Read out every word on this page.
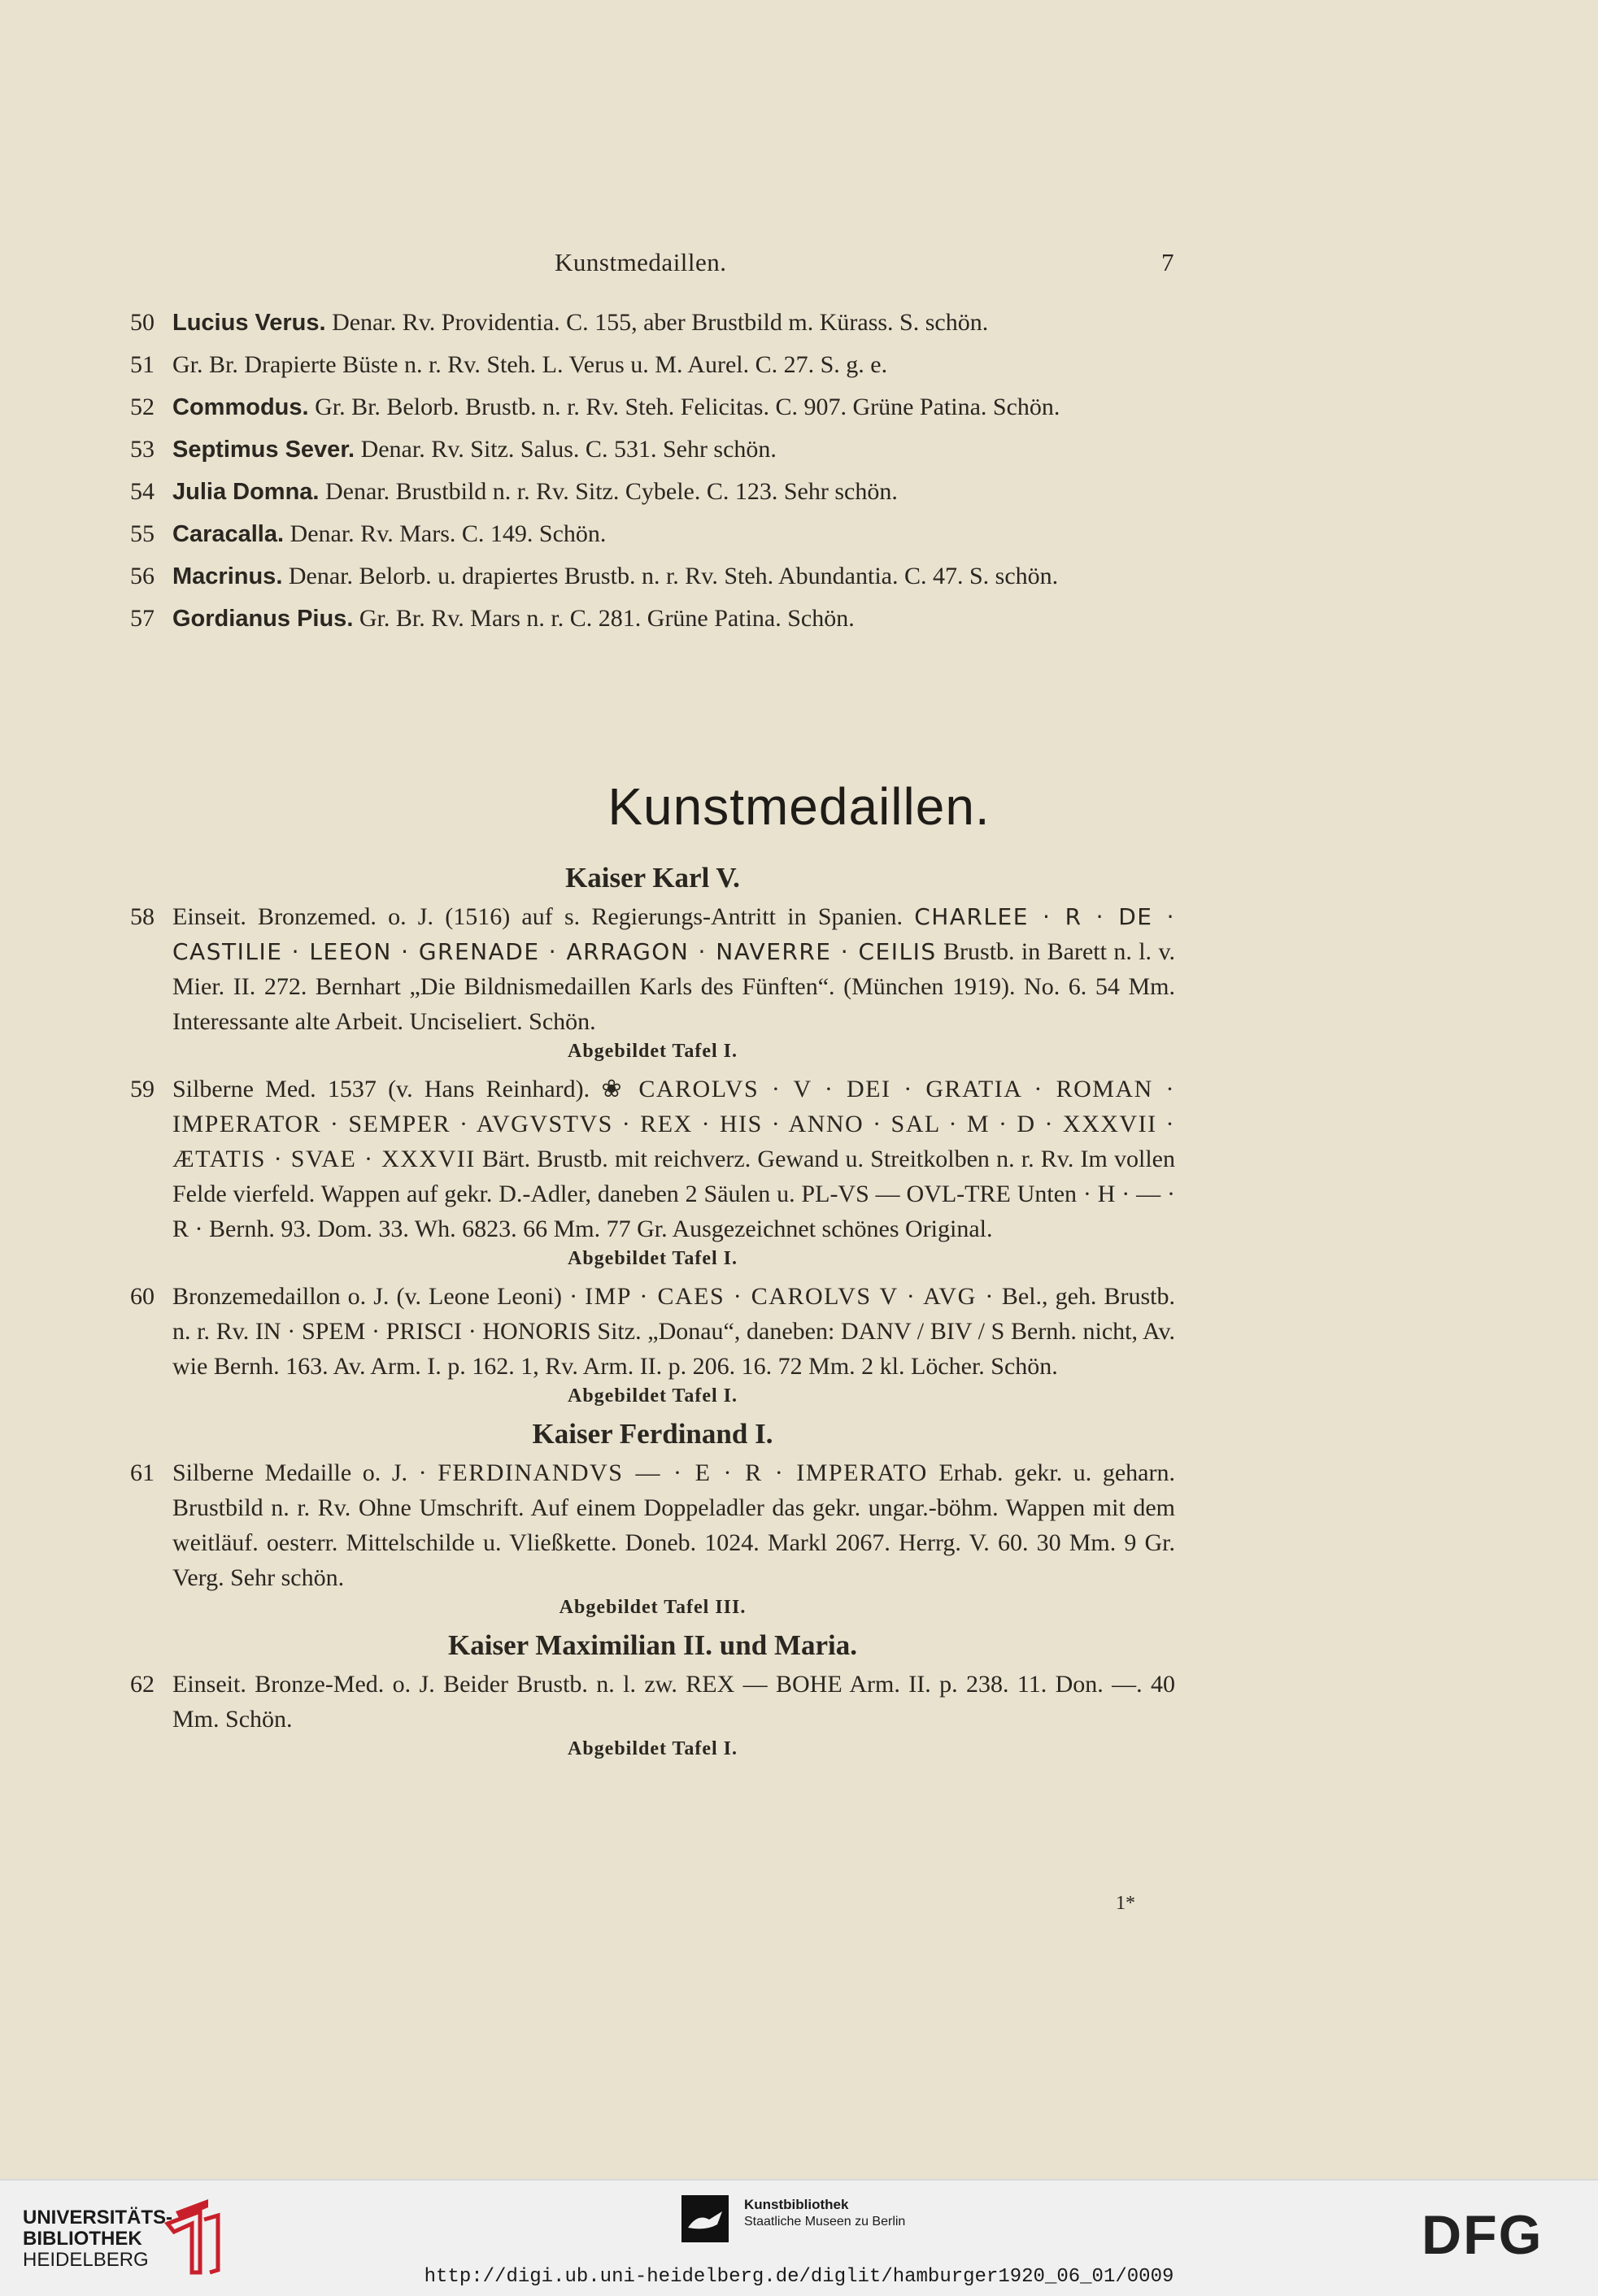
Kunstmedaillen.	7
50 Lucius Verus. Denar. Rv. Providentia. C. 155, aber Brustbild m. Kürass. S. schön.
51 Gr. Br. Drapierte Büste n. r. Rv. Steh. L. Verus u. M. Aurel. C. 27. S. g. e.
52 Commodus. Gr. Br. Belorb. Brustb. n. r. Rv. Steh. Felicitas. C. 907. Grüne Patina. Schön.
53 Septimus Sever. Denar. Rv. Sitz. Salus. C. 531. Sehr schön.
54 Julia Domna. Denar. Brustbild n. r. Rv. Sitz. Cybele. C. 123. Sehr schön.
55 Caracalla. Denar. Rv. Mars. C. 149. Schön.
56 Macrinus. Denar. Belorb. u. drapiertes Brustb. n. r. Rv. Steh. Abundantia. C. 47. S. schön.
57 Gordianus Pius. Gr. Br. Rv. Mars n. r. C. 281. Grüne Patina. Schön.
Kunstmedaillen.
Kaiser Karl V.
58 Einseit. Bronzemed. o. J. (1516) auf s. Regierungs-Antritt in Spanien. CHARLEE · R · DE · CASTILIE · LEEON · GRENADE · ARRAGON · NAVERRE · CEILIS Brustb. in Barett n. l. v. Mier. II. 272. Bernhart „Die Bildnismedaillen Karls des Fünften“. (München 1919). No. 6. 54 Mm. Interessante alte Arbeit. Unciseliert. Schön.
Abgebildet Tafel I.
59 Silberne Med. 1537 (v. Hans Reinhard). ❀ CAROLVS · V · DEI · GRATIA · ROMAN · IMPERATOR · SEMPER · AVGVSTVS · REX · HIS · ANNO · SAL · M · D · XXXVII · ÆTATIS · SVAE · XXXVII Bärt. Brustb. mit reichverz. Gewand u. Streitkolben n. r. Rv. Im vollen Felde vierfeld. Wappen auf gekr. D.-Adler, daneben 2 Säulen u. PL-VS — OVL-TRE Unten · H · — · R · Bernh. 93. Dom. 33. Wh. 6823. 66 Mm. 77 Gr. Ausgezeichnet schönes Original.
Abgebildet Tafel I.
60 Bronzemedaillon o. J. (v. Leone Leoni) · IMP · CAES · CAROLVS V · AVG · Bel., geh. Brustb. n. r. Rv. IN · SPEM · PRISCI · HONORIS Sitz. „Donau“, daneben: DANV / BIV / S Bernh. nicht, Av. wie Bernh. 163. Av. Arm. I. p. 162. 1, Rv. Arm. II. p. 206. 16. 72 Mm. 2 kl. Löcher. Schön.
Abgebildet Tafel I.
Kaiser Ferdinand I.
61 Silberne Medaille o. J. · FERDINANDVS — · E · R · IMPERATO Erhab. gekr. u. geharn. Brustbild n. r. Rv. Ohne Umschrift. Auf einem Doppeladler das gekr. ungar.-böhm. Wappen mit dem weitläuf. oesterr. Mittelschilde u. Vließkette. Doneb. 1024. Markl 2067. Herrg. V. 60. 30 Mm. 9 Gr. Verg. Sehr schön.
Abgebildet Tafel III.
Kaiser Maximilian II. und Maria.
62 Einseit. Bronze-Med. o. J. Beider Brustb. n. l. zw. REX — BOHE Arm. II. p. 238. 11. Don. —. 40 Mm. Schön.
Abgebildet Tafel I.
1*
UNIVERSITÄTS-
BIBLIOTHEK
HEIDELBERG
Kunstbibliothek
Staatliche Museen zu Berlin	DFG
http://digi.ub.uni-heidelberg.de/diglit/hamburger1920_06_01/0009
